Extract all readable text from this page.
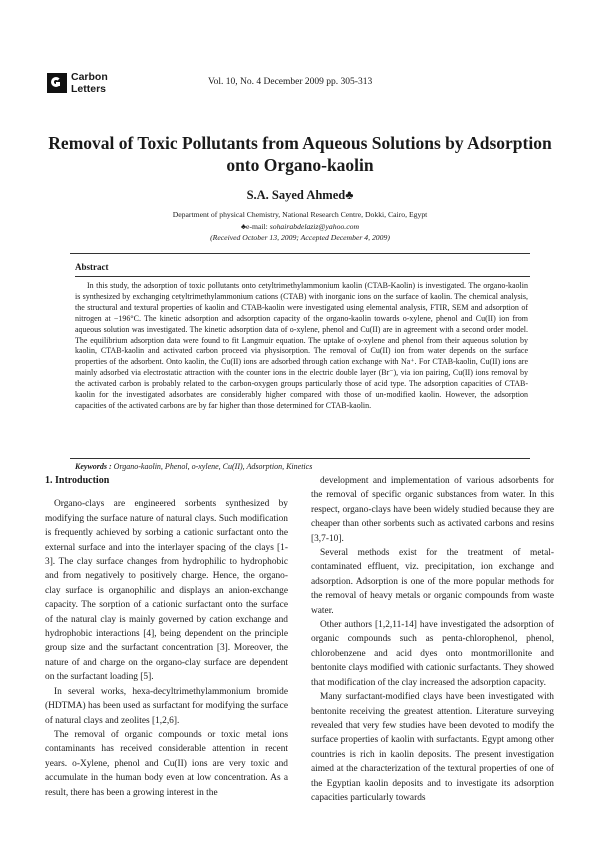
Carbon
Letters
Vol. 10, No. 4 December 2009 pp. 305-313
Removal of Toxic Pollutants from Aqueous Solutions by Adsorption
onto Organo-kaolin
S.A. Sayed Ahmed♣
Department of physical Chemistry, National Research Centre, Dokki, Cairo, Egypt
♣e-mail: sohairabdelaziz@yahoo.com
(Received October 13, 2009; Accepted December 4, 2009)
Abstract
In this study, the adsorption of toxic pollutants onto cetyltrimethylammonium kaolin (CTAB-Kaolin) is investigated. The organo-kaolin is synthesized by exchanging cetyltrimethylammonium cations (CTAB) with inorganic ions on the surface of kaolin. The chemical analysis, the structural and textural properties of kaolin and CTAB-kaolin were investigated using elemental analysis, FTIR, SEM and adsorption of nitrogen at −196°C. The kinetic adsorption and adsorption capacity of the organo-kaolin towards o-xylene, phenol and Cu(II) ion from aqueous solution was investigated. The kinetic adsorption data of o-xylene, phenol and Cu(II) are in agreement with a second order model. The equilibrium adsorption data were found to fit Langmuir equation. The uptake of o-xylene and phenol from their aqueous solution by kaolin, CTAB-kaolin and activated carbon proceed via physisorption. The removal of Cu(II) ion from water depends on the surface properties of the adsorbent. Onto kaolin, the Cu(II) ions are adsorbed through cation exchange with Na⁺. For CTAB-kaolin, Cu(II) ions are mainly adsorbed via electrostatic attraction with the counter ions in the electric double layer (Br⁻), via ion pairing, Cu(II) ions removal by the activated carbon is probably related to the carbon-oxygen groups particularly those of acid type. The adsorption capacities of CTAB-kaolin for the investigated adsorbates are considerably higher compared with those of un-modified kaolin. However, the adsorption capacities of the activated carbons are by far higher than those determined for CTAB-kaolin.
Keywords : Organo-kaolin, Phenol, o-xylene, Cu(II), Adsorption, Kinetics
1. Introduction

Organo-clays are engineered sorbents synthesized by modifying the surface nature of natural clays. Such modification is frequently achieved by sorbing a cationic surfactant onto the external surface and into the interlayer spacing of the clays [1-3]. The clay surface changes from hydrophilic to hydrophobic and from negatively to positively charge. Hence, the organo-clay surface is organophilic and displays an anion-exchange capacity. The sorption of a cationic surfactant onto the surface of the natural clay is mainly governed by cation exchange and hydrophobic interactions [4], being dependent on the principle group size and the surfactant concentration [3]. Moreover, the nature of and charge on the organo-clay surface are dependent on the surfactant loading [5].

In several works, hexa-decyltrimethylammonium bromide (HDTMA) has been used as surfactant for modifying the surface of natural clays and zeolites [1,2,6].

The removal of organic compounds or toxic metal ions contaminants has received considerable attention in recent years. o-Xylene, phenol and Cu(II) ions are very toxic and accumulate in the human body even at low concentration. As a result, there has been a growing interest in the

development and implementation of various adsorbents for the removal of specific organic substances from water. In this respect, organo-clays have been widely studied because they are cheaper than other sorbents such as activated carbons and resins [3,7-10].

Several methods exist for the treatment of metal-contaminated effluent, viz. precipitation, ion exchange and adsorption. Adsorption is one of the more popular methods for the removal of heavy metals or organic compounds from waste water.

Other authors [1,2,11-14] have investigated the adsorption of organic compounds such as penta-chlorophenol, phenol, chlorobenzene and acid dyes onto montmorillonite and bentonite clays modified with cationic surfactants. They showed that modification of the clay increased the adsorption capacity.

Many surfactant-modified clays have been investigated with bentonite receiving the greatest attention. Literature surveying revealed that very few studies have been devoted to modify the surface properties of kaolin with surfactants. Egypt among other countries is rich in kaolin deposits. The present investigation aimed at the characterization of the textural properties of one of the Egyptian kaolin deposits and to investigate its adsorption capacities particularly towards
